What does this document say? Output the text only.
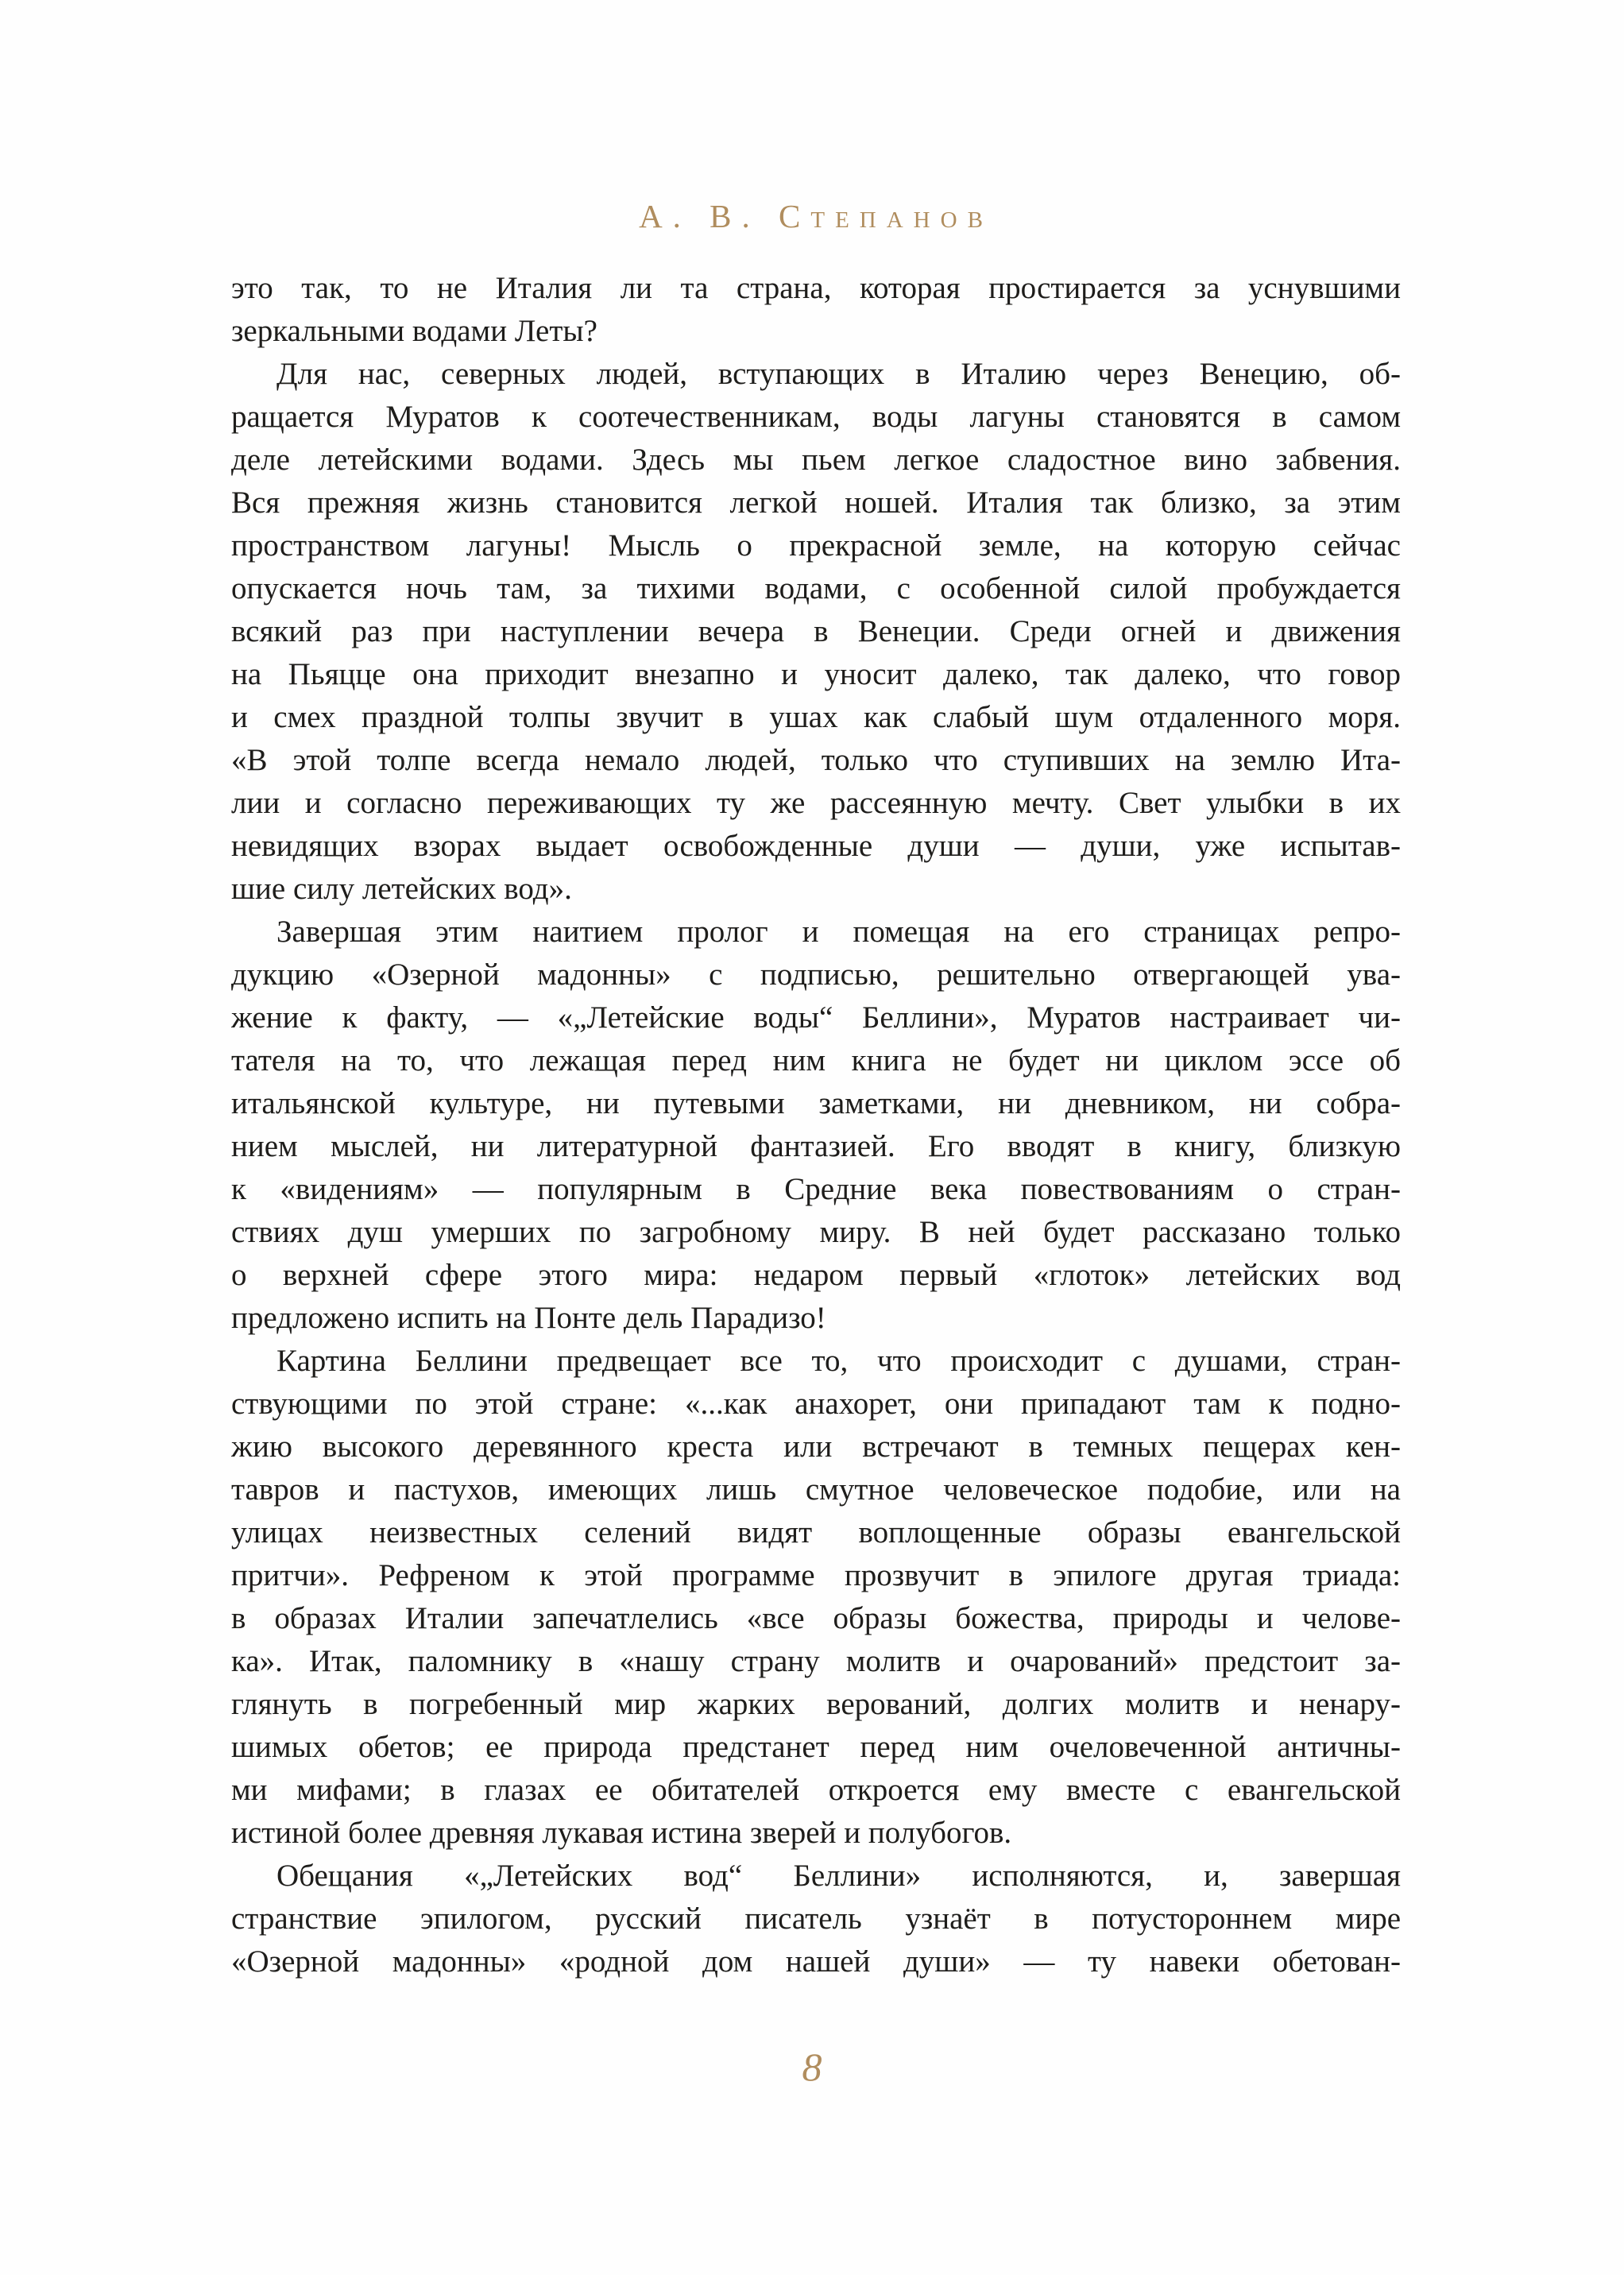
А. В. Степанов
это так, то не Италия ли та страна, которая простирается за уснувшими
зеркальными водами Леты?
Для нас, северных людей, вступающих в Италию через Венецию, об-
ращается Муратов к соотечественникам, воды лагуны становятся в самом
деле летейскими водами. Здесь мы пьем легкое сладостное вино забвения.
Вся прежняя жизнь становится легкой ношей. Италия так близко, за этим
пространством лагуны! Мысль о прекрасной земле, на которую сейчас
опускается ночь там, за тихими водами, с особенной силой пробуждается
всякий раз при наступлении вечера в Венеции. Среди огней и движения
на Пьяцце она приходит внезапно и уносит далеко, так далеко, что говор
и смех праздной толпы звучит в ушах как слабый шум отдаленного моря.
«В этой толпе всегда немало людей, только что ступивших на землю Ита-
лии и согласно переживающих ту же рассеянную мечту. Свет улыбки в их
невидящих взорах выдает освобожденные души — души, уже испытав-
шие силу летейских вод».
Завершая этим наитием пролог и помещая на его страницах репро-
дукцию «Озерной мадонны» с подписью, решительно отвергающей ува-
жение к факту, — «„Летейские воды“ Беллини», Муратов настраивает чи-
тателя на то, что лежащая перед ним книга не будет ни циклом эссе об
итальянской культуре, ни путевыми заметками, ни дневником, ни собра-
нием мыслей, ни литературной фантазией. Его вводят в книгу, близкую
к «видениям» — популярным в Средние века повествованиям о стран-
ствиях душ умерших по загробному миру. В ней будет рассказано только
о верхней сфере этого мира: недаром первый «глоток» летейских вод
предложено испить на Понте дель Парадизо!
Картина Беллини предвещает все то, что происходит с душами, стран-
ствующими по этой стране: «...как анахорет, они припадают там к подно-
жию высокого деревянного креста или встречают в темных пещерах кен-
тавров и пастухов, имеющих лишь смутное человеческое подобие, или на
улицах неизвестных селений видят воплощенные образы евангельской
притчи». Рефреном к этой программе прозвучит в эпилоге другая триада:
в образах Италии запечатлелись «все образы божества, природы и челове-
ка». Итак, паломнику в «нашу страну молитв и очарований» предстоит за-
глянуть в погребенный мир жарких верований, долгих молитв и ненару-
шимых обетов; ее природа предстанет перед ним очеловеченной античны-
ми мифами; в глазах ее обитателей откроется ему вместе с евангельской
истиной более древняя лукавая истина зверей и полубогов.
Обещания «„Летейских вод“ Беллини» исполняются, и, завершая
странствие эпилогом, русский писатель узнаёт в потустороннем мире
«Озерной мадонны» «родной дом нашей души» — ту навеки обетован-
8
